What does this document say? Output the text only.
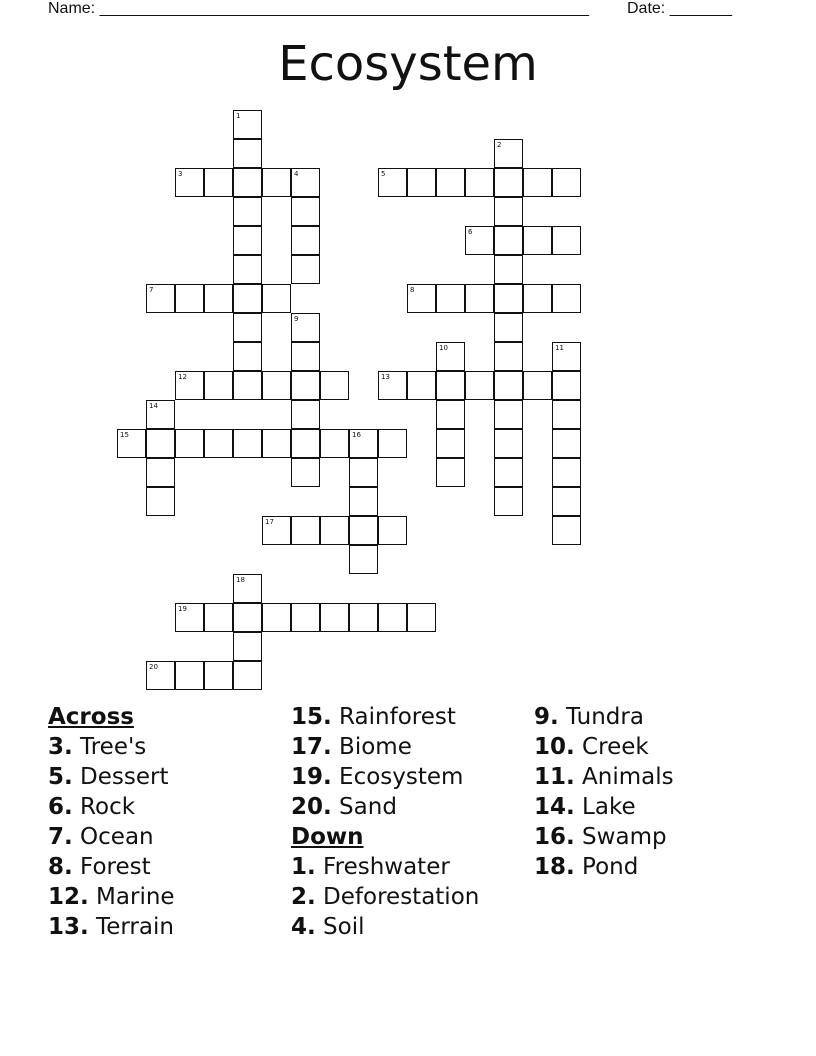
Name: _______________________________________________________ Date: _______
Ecosystem
3	4	5
6
7	8
12	13
15	16
17
19
20
1
2
9
10	11
14
18
Across
3. Tree's
5. Dessert
6. Rock
7. Ocean
8. Forest
12. Marine
13. Terrain
15. Rainforest
17. Biome
19. Ecosystem
20. Sand
Down
1. Freshwater
2. Deforestation
4. Soil
9. Tundra
10. Creek
11. Animals
14. Lake
16. Swamp
18. Pond
